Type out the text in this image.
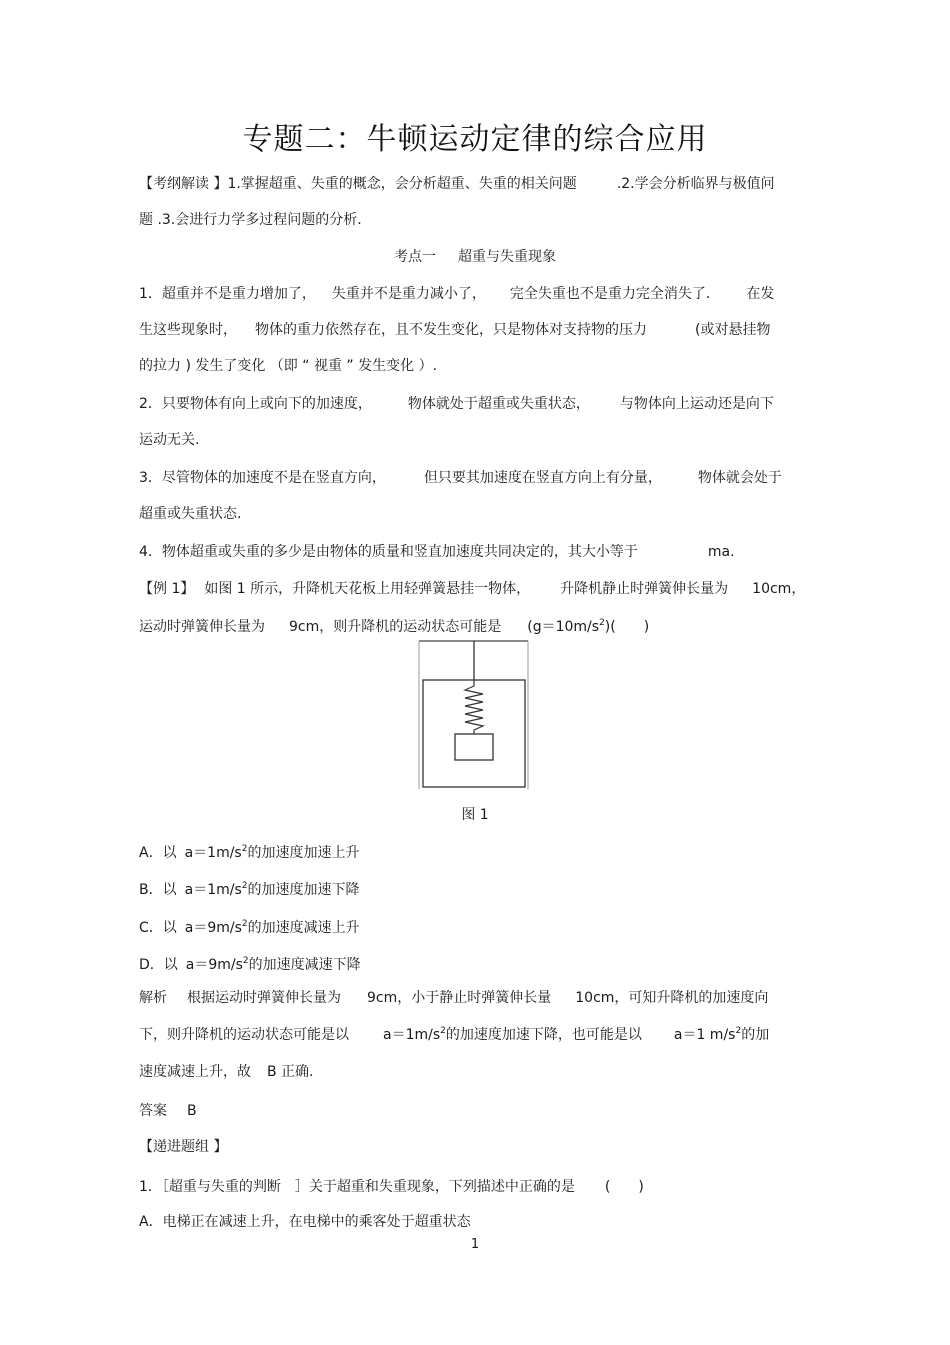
专题二：牛顿运动定律的综合应用
【考纲解读 】1.掌握超重、失重的概念，会分析超重、失重的相关问题	.2.学会分析临界与极值问
题 .3.会进行力学多过程问题的分析.
考点一 超重与失重现象
1．超重并不是重力增加了， 失重并不是重力减小了， 完全失重也不是重力完全消失了.	在发
生这些现象时， 物体的重力依然存在，且不发生变化，只是物体对支持物的压力	(或对悬挂物
的拉力 ) 发生了变化 （即 “ 视重 ” 发生变化 ）.
2．只要物体有向上或向下的加速度，	物体就处于超重或失重状态， 与物体向上运动还是向下
运动无关.
3．尽管物体的加速度不是在竖直方向，	但只要其加速度在竖直方向上有分量，	物体就会处于
超重或失重状态.
4．物体超重或失重的多少是由物体的质量和竖直加速度共同决定的，其大小等于	ma.
【例 1】 如图 1 所示，升降机天花板上用轻弹簧悬挂一物体， 升降机静止时弹簧伸长量为 10cm，
运动时弹簧伸长量为 9cm，则升降机的运动状态可能是 $(g=10m/s^2)$(　　)
图 1
A．以 $a=1m/s^2$的加速度加速上升
B．以 $a=1m/s^2$的加速度加速下降
C．以 $a=9m/s^2$的加速度减速上升
D．以 $a=9m/s^2$的加速度减速下降
解析 根据运动时弹簧伸长量为 9cm，小于静止时弹簧伸长量 10cm，可知升降机的加速度向
下，则升降机的运动状态可能是以 $a=1m/s^2$的加速度加速下降，也可能是以 a＝1 $m/s^2$的加
速度减速上升，故 B 正确.
答案 B
【递进题组 】
1．［超重与失重的判断 ］关于超重和失重现象，下列描述中正确的是 (　　)
A．电梯正在减速上升，在电梯中的乘客处于超重状态
1
